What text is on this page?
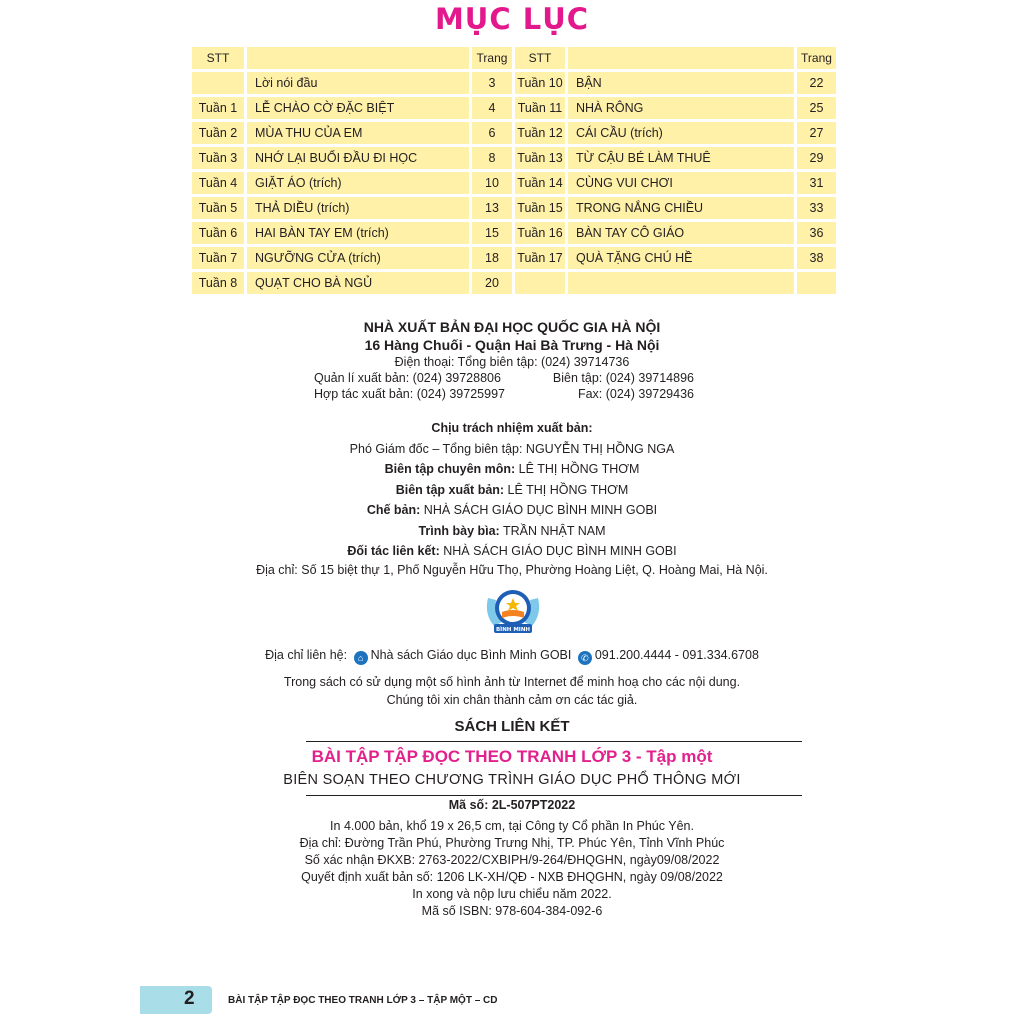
MỤC LỤC
STT	Trang
Lời nói đầu	3
Tuần 1	LỄ CHÀO CỜ ĐẶC BIỆT	4
Tuần 2	MÙA THU CỦA EM	6
Tuần 3	NHỚ LẠI BUỔI ĐẦU ĐI HỌC	8
Tuần 4	GIẶT ÁO (trích)	10
Tuần 5	THẢ DIỀU (trích)	13
Tuần 6	HAI BÀN TAY EM (trích)	15
Tuần 7	NGƯỠNG CỬA (trích)	18
Tuần 8	QUẠT CHO BÀ NGỦ	20
STT	Trang
Tuần 10	BẬN	22
Tuần 11	NHÀ RÔNG	25
Tuần 12	CÁI CẦU (trích)	27
Tuần 13	TỪ CẬU BÉ LÀM THUÊ	29
Tuần 14	CÙNG VUI CHƠI	31
Tuần 15	TRONG NẮNG CHIỀU	33
Tuần 16	BÀN TAY CÔ GIÁO	36
Tuần 17	QUÀ TẶNG CHÚ HỀ	38
NHÀ XUẤT BẢN ĐẠI HỌC QUỐC GIA HÀ NỘI
16 Hàng Chuối - Quận Hai Bà Trưng - Hà Nội
Điện thoại: Tổng biên tập: (024) 39714736
Quản lí xuất bản: (024) 39728806	Biên tập: (024) 39714896
Hợp tác xuất bản: (024) 39725997	Fax: (024) 39729436
Chịu trách nhiệm xuất bản:
Phó Giám đốc – Tổng biên tập: NGUYỄN THỊ HỒNG NGA
Biên tập chuyên môn: LÊ THỊ HỒNG THƠM
Biên tập xuất bản: LÊ THỊ HỒNG THƠM
Chế bản: NHÀ SÁCH GIÁO DỤC BÌNH MINH GOBI
Trình bày bìa: TRẦN NHẬT NAM
Đối tác liên kết: NHÀ SÁCH GIÁO DỤC BÌNH MINH GOBI
Địa chỉ: Số 15 biệt thự 1, Phố Nguyễn Hữu Thọ, Phường Hoàng Liệt, Q. Hoàng Mai, Hà Nội.
BÌNH MINH
Địa chỉ liên hệ: ⌂ Nhà sách Giáo dục Bình Minh GOBI ✆ 091.200.4444 - 091.334.6708
Trong sách có sử dụng một số hình ảnh từ Internet để minh hoạ cho các nội dung.
Chúng tôi xin chân thành cảm ơn các tác giả.
SÁCH LIÊN KẾT
BÀI TẬP TẬP ĐỌC THEO TRANH LỚP 3 - Tập một
BIÊN SOẠN THEO CHƯƠNG TRÌNH GIÁO DỤC PHỔ THÔNG MỚI
Mã số: 2L-507PT2022
In 4.000 bản, khổ 19 x 26,5 cm, tại Công ty Cổ phần In Phúc Yên.
Địa chỉ: Đường Trần Phú, Phường Trưng Nhị, TP. Phúc Yên, Tỉnh Vĩnh Phúc
Số xác nhận ĐKXB: 2763-2022/CXBIPH/9-264/ĐHQGHN, ngày09/08/2022
Quyết định xuất bản số: 1206 LK-XH/QĐ - NXB ĐHQGHN, ngày 09/08/2022
In xong và nộp lưu chiểu năm 2022.
Mã số ISBN: 978-604-384-092-6
2	BÀI TẬP TẬP ĐỌC THEO TRANH LỚP 3 – TẬP MỘT – CD
